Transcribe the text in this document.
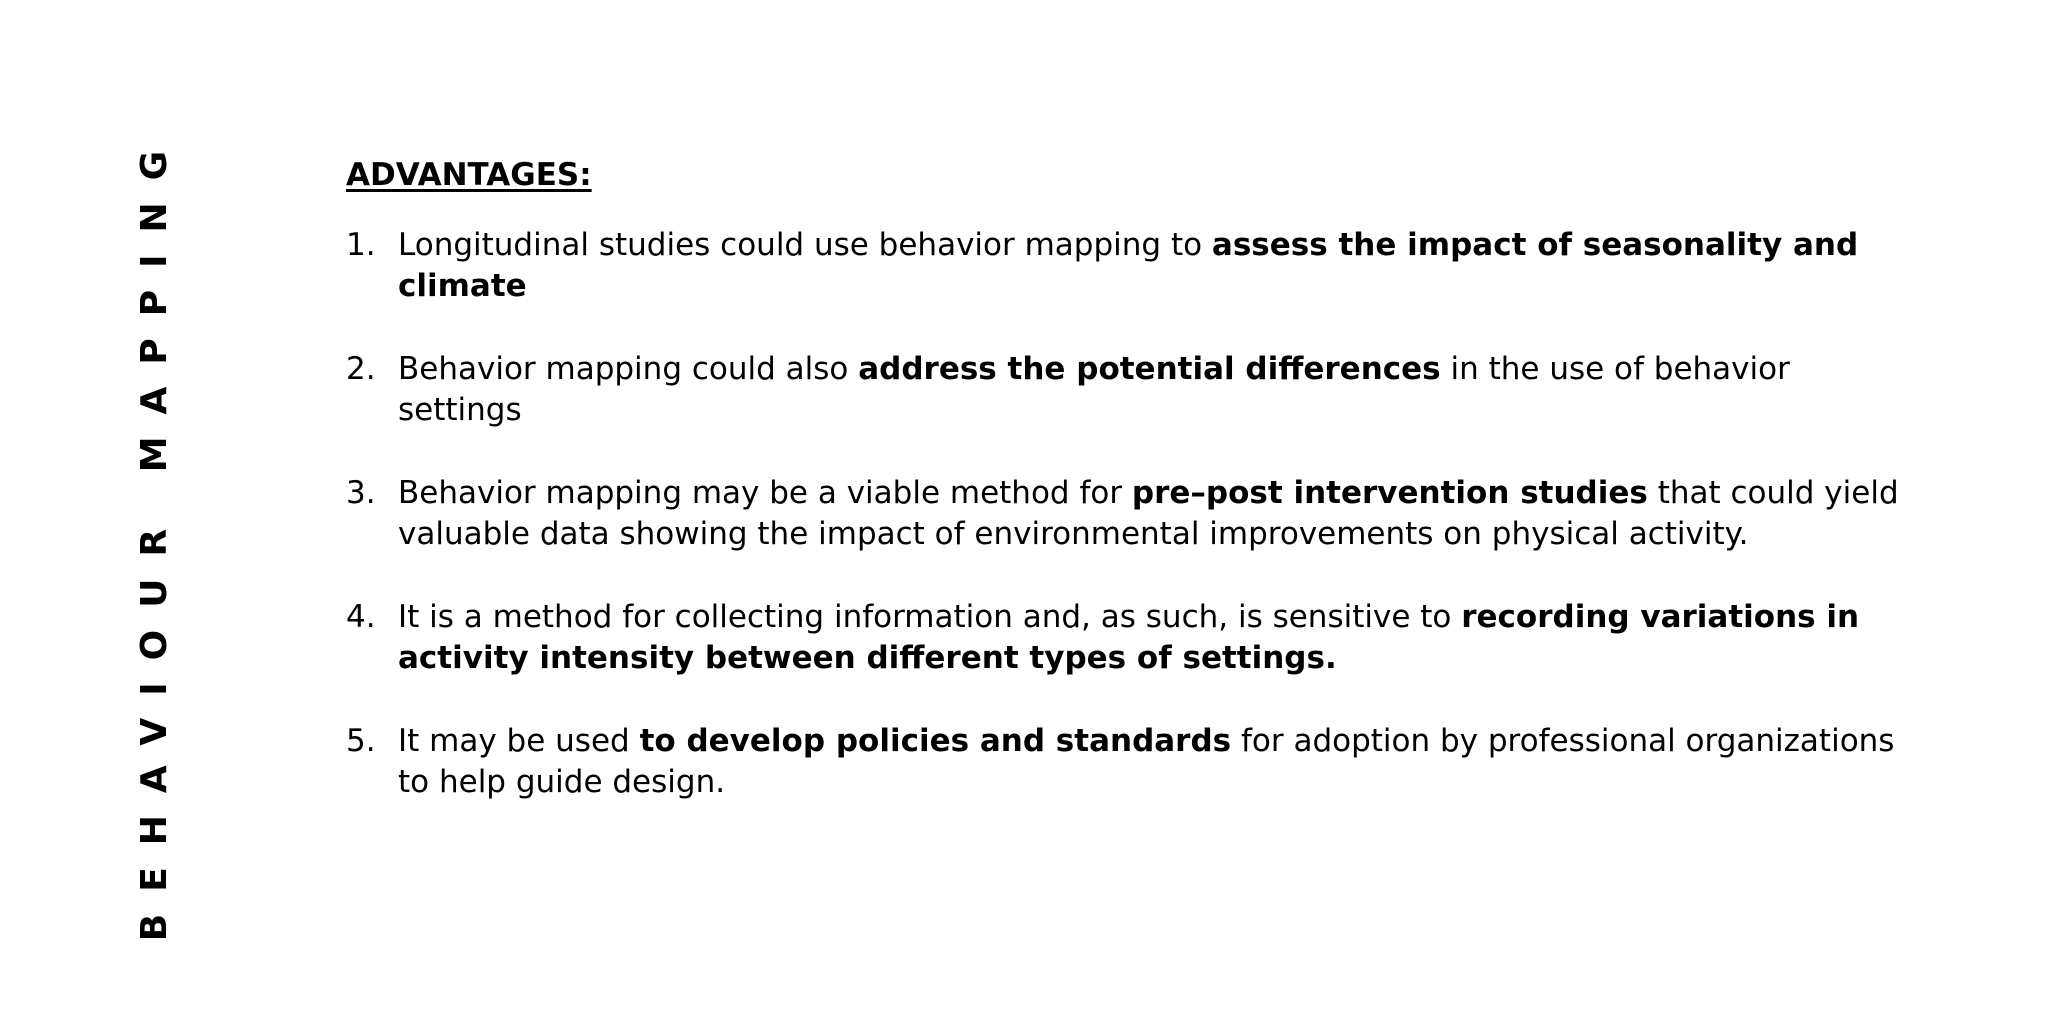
BEHAVIOUR MAPPING	ADVANTAGES:
1. Longitudinal studies could use behavior mapping to assess the impact of seasonality and climate
2. Behavior mapping could also address the potential differences in the use of behavior settings
3. Behavior mapping may be a viable method for pre–post intervention studies that could yield valuable data showing the impact of environmental improvements on physical activity.
4. It is a method for collecting information and, as such, is sensitive to recording variations in activity intensity between different types of settings.
5. It may be used to develop policies and standards for adoption by professional organizations to help guide design.
